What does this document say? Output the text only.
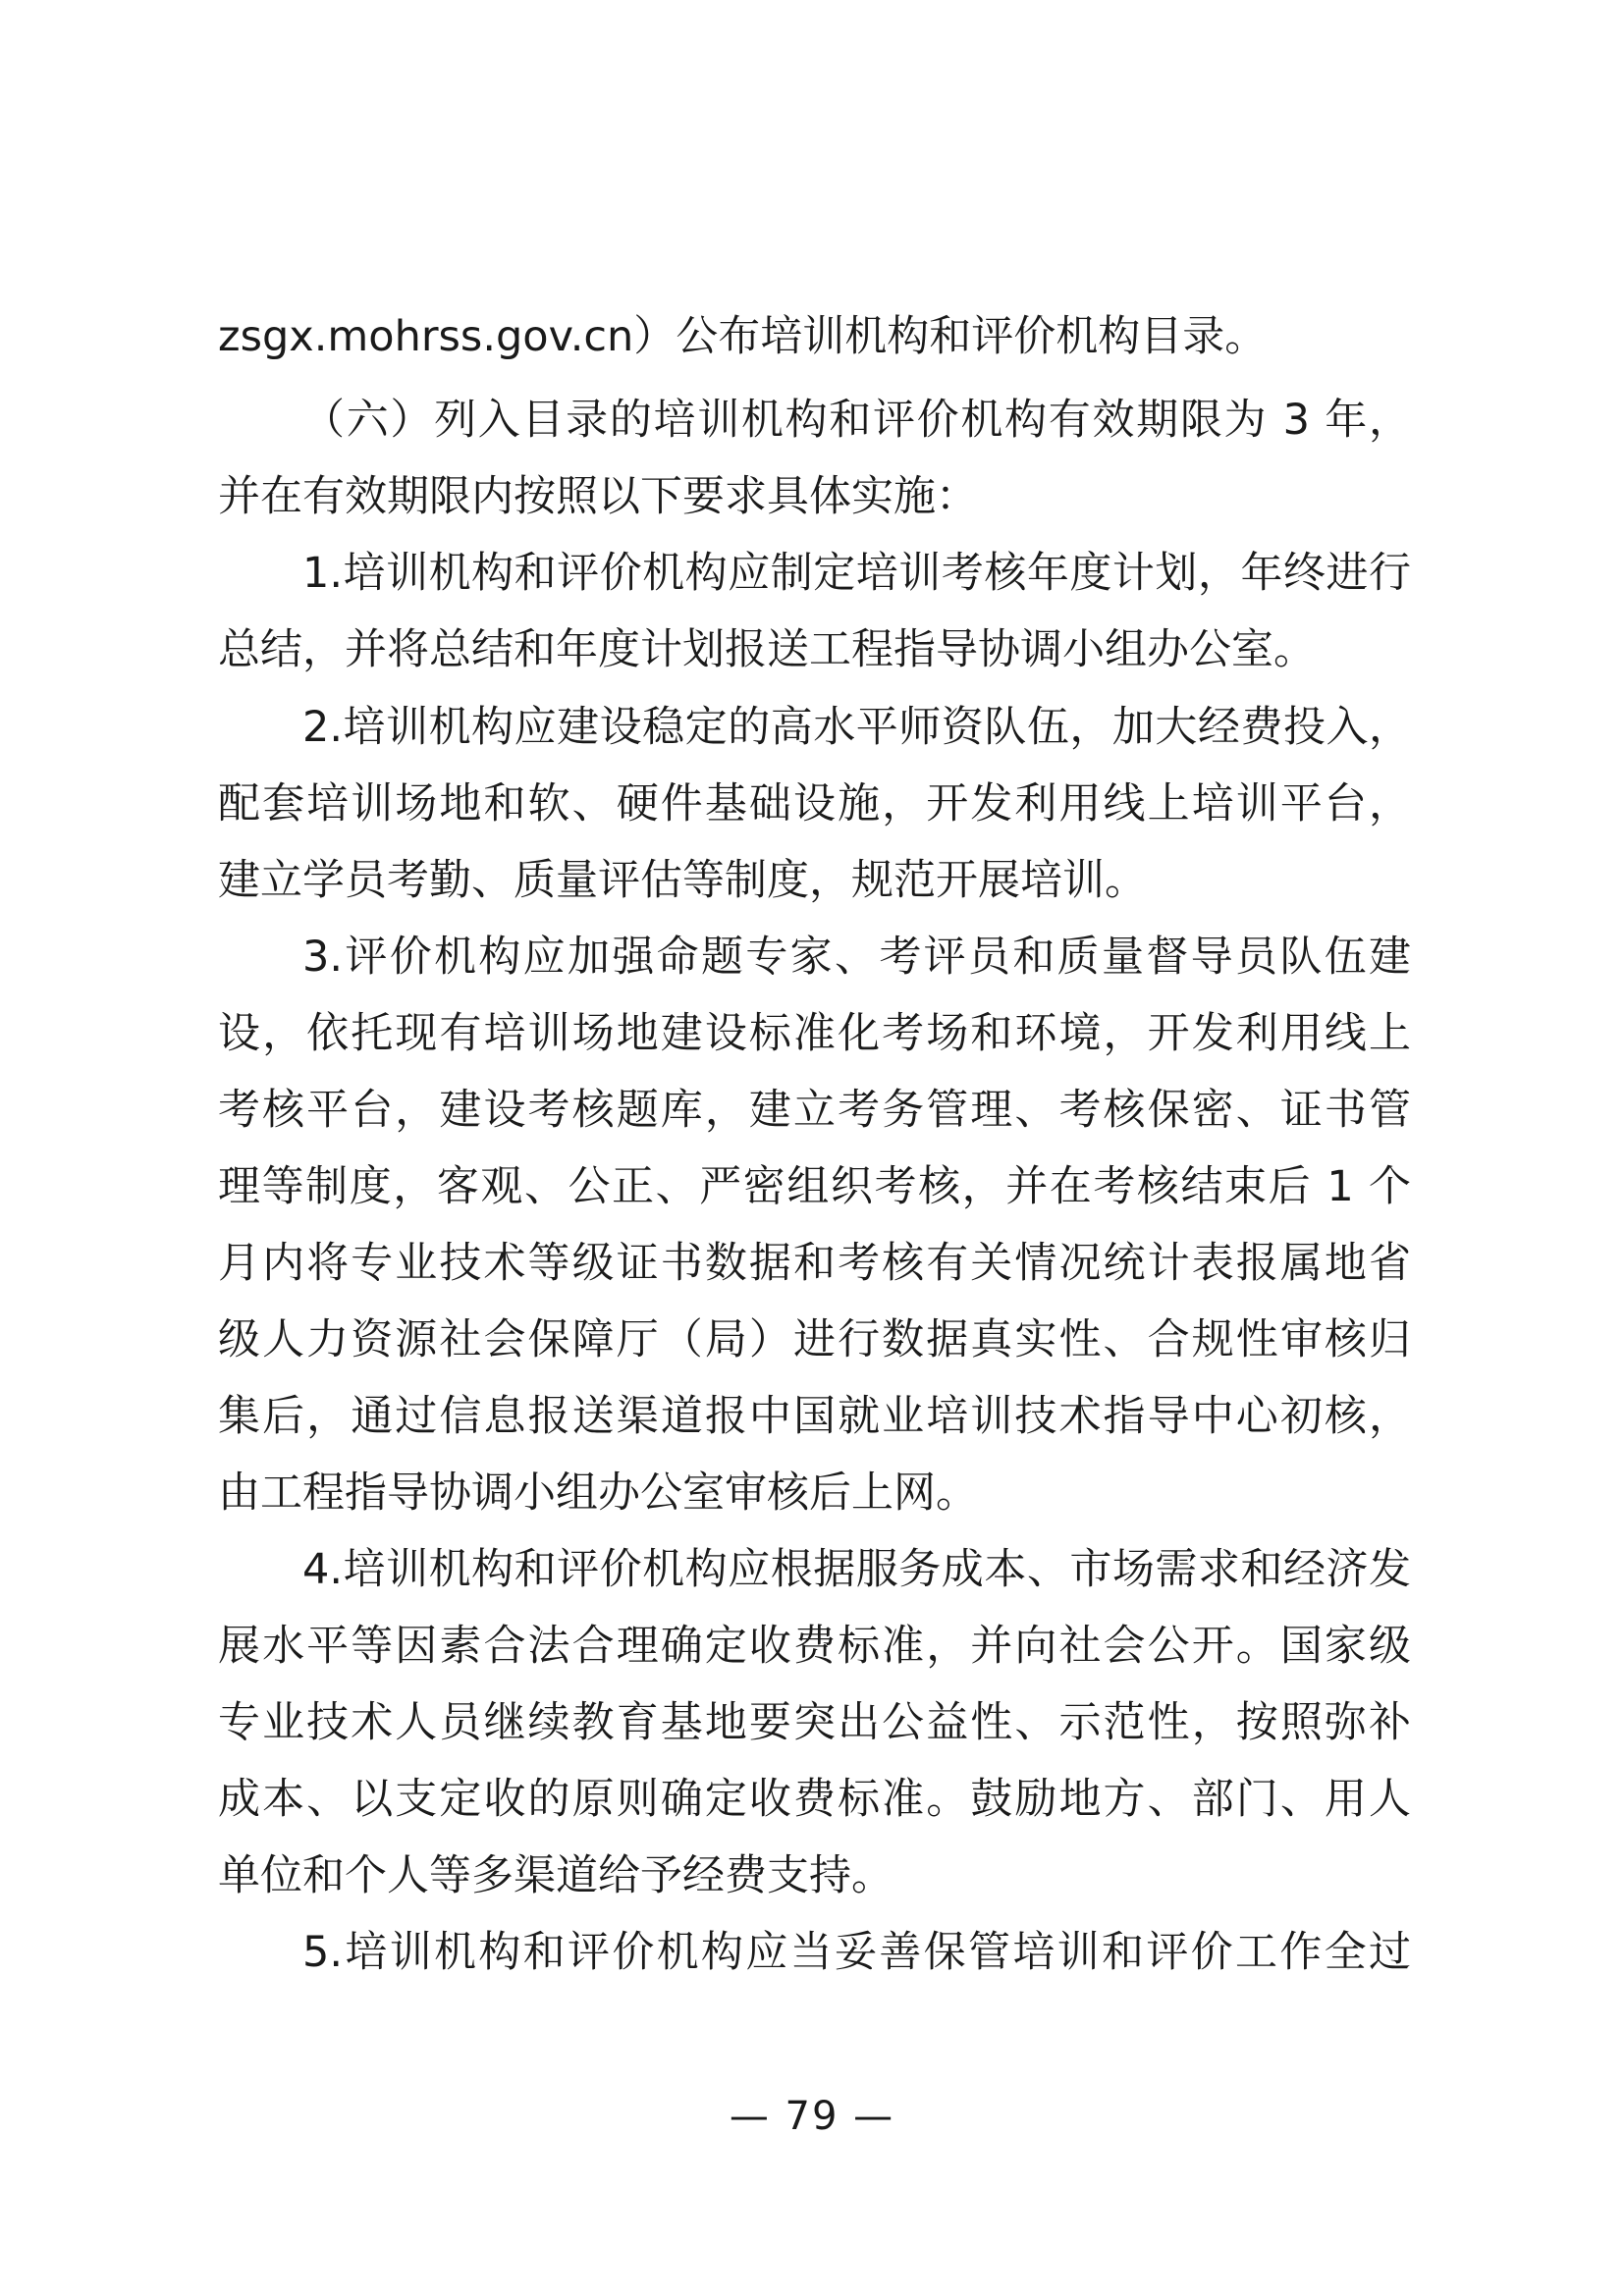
zsgx.mohrss.gov.cn）公布培训机构和评价机构目录。
（六）列入目录的培训机构和评价机构有效期限为 3 年，
并在有效期限内按照以下要求具体实施：
1.培训机构和评价机构应制定培训考核年度计划，年终进行
总结，并将总结和年度计划报送工程指导协调小组办公室。
2.培训机构应建设稳定的高水平师资队伍，加大经费投入，
配套培训场地和软、硬件基础设施，开发利用线上培训平台，
建立学员考勤、质量评估等制度，规范开展培训。
3.评价机构应加强命题专家、考评员和质量督导员队伍建
设，依托现有培训场地建设标准化考场和环境，开发利用线上
考核平台，建设考核题库，建立考务管理、考核保密、证书管
理等制度，客观、公正、严密组织考核，并在考核结束后 1 个
月内将专业技术等级证书数据和考核有关情况统计表报属地省
级人力资源社会保障厅（局）进行数据真实性、合规性审核归
集后，通过信息报送渠道报中国就业培训技术指导中心初核，
由工程指导协调小组办公室审核后上网。
4.培训机构和评价机构应根据服务成本、市场需求和经济发
展水平等因素合法合理确定收费标准，并向社会公开。国家级
专业技术人员继续教育基地要突出公益性、示范性，按照弥补
成本、以支定收的原则确定收费标准。鼓励地方、部门、用人
单位和个人等多渠道给予经费支持。
5.培训机构和评价机构应当妥善保管培训和评价工作全过
— 79 —
